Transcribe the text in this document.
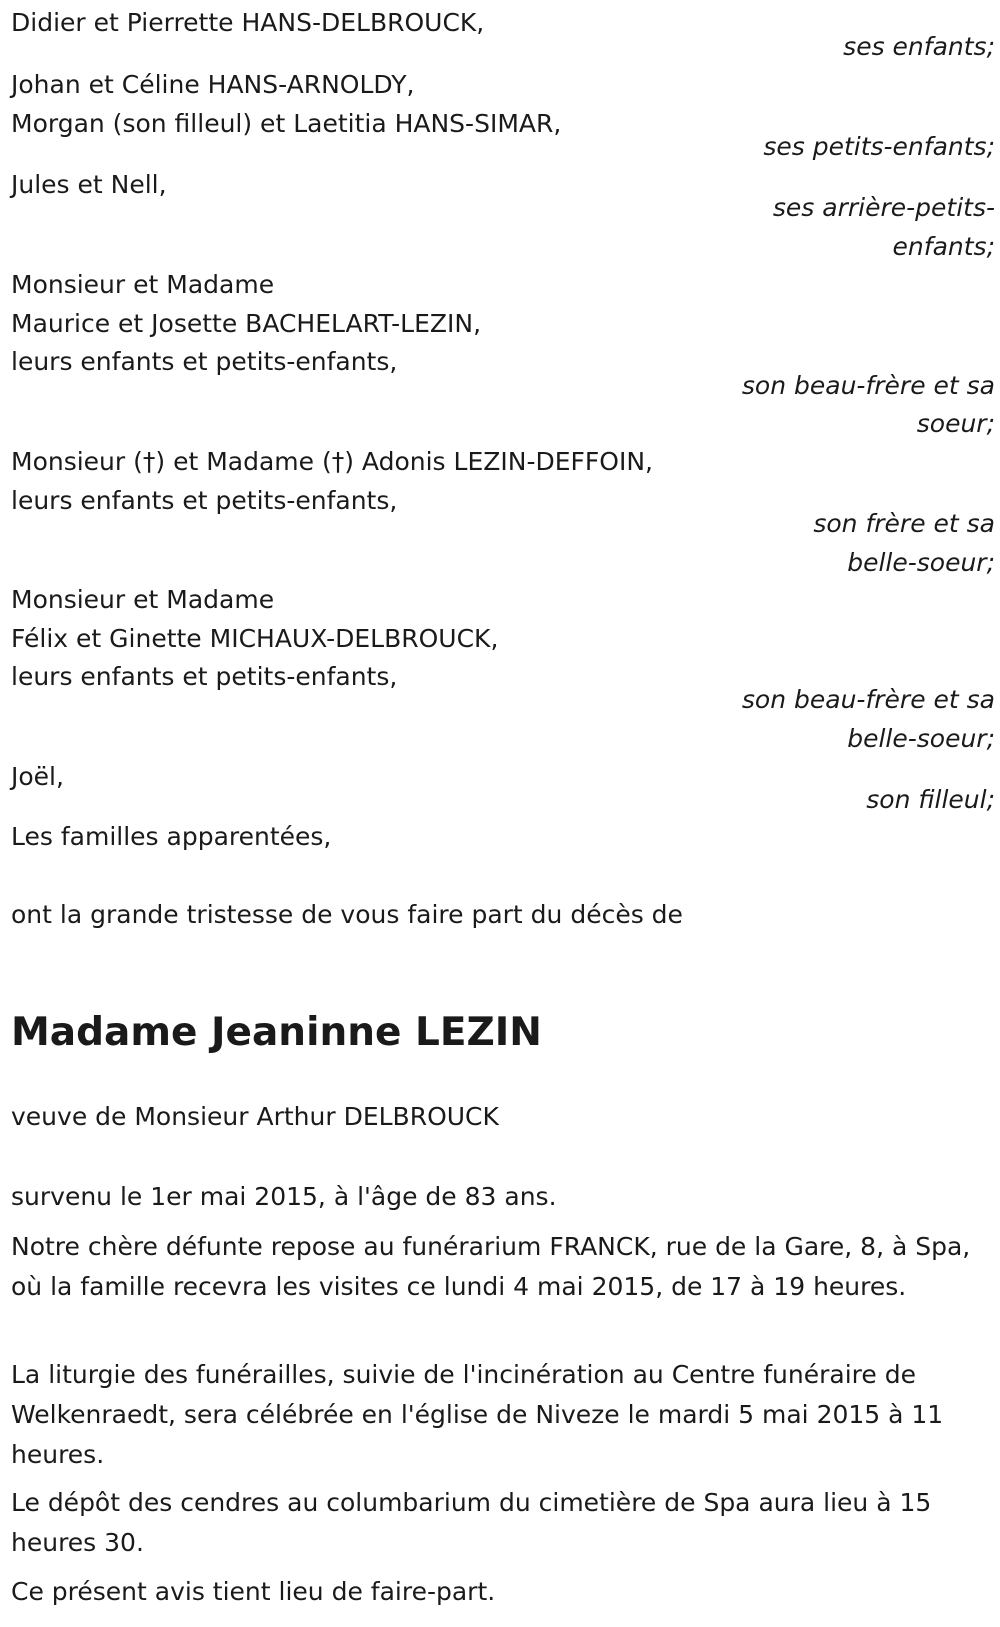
Didier et Pierrette HANS-DELBROUCK,

ses enfants;

Johan et Céline HANS-ARNOLDY,

Morgan (son filleul) et Laetitia HANS-SIMAR,

ses petits-enfants;

Jules et Nell,

ses arrière-petits-

enfants;

Monsieur et Madame

Maurice et Josette BACHELART-LEZIN,

leurs enfants et petits-enfants,

son beau-frère et sa

soeur;

Monsieur (†) et Madame (†) Adonis LEZIN-DEFFOIN,

leurs enfants et petits-enfants,

son frère et sa

belle-soeur;

Monsieur et Madame

Félix et Ginette MICHAUX-DELBROUCK,

leurs enfants et petits-enfants,

son beau-frère et sa

belle-soeur;

Joël,

son filleul;

Les familles apparentées,

ont la grande tristesse de vous faire part du décès de

Madame Jeaninne LEZIN

veuve de Monsieur Arthur DELBROUCK

survenu le 1er mai 2015, à l'âge de 83 ans.

Notre chère défunte repose au funérarium FRANCK, rue de la Gare, 8, à Spa, où la famille recevra les visites ce lundi 4 mai 2015, de 17 à 19 heures.

La liturgie des funérailles, suivie de l'incinération au Centre funéraire de Welkenraedt, sera célébrée en l'église de Niveze le mardi 5 mai 2015 à 11 heures.

Le dépôt des cendres au columbarium du cimetière de Spa aura lieu à 15 heures 30.

Ce présent avis tient lieu de faire-part.
